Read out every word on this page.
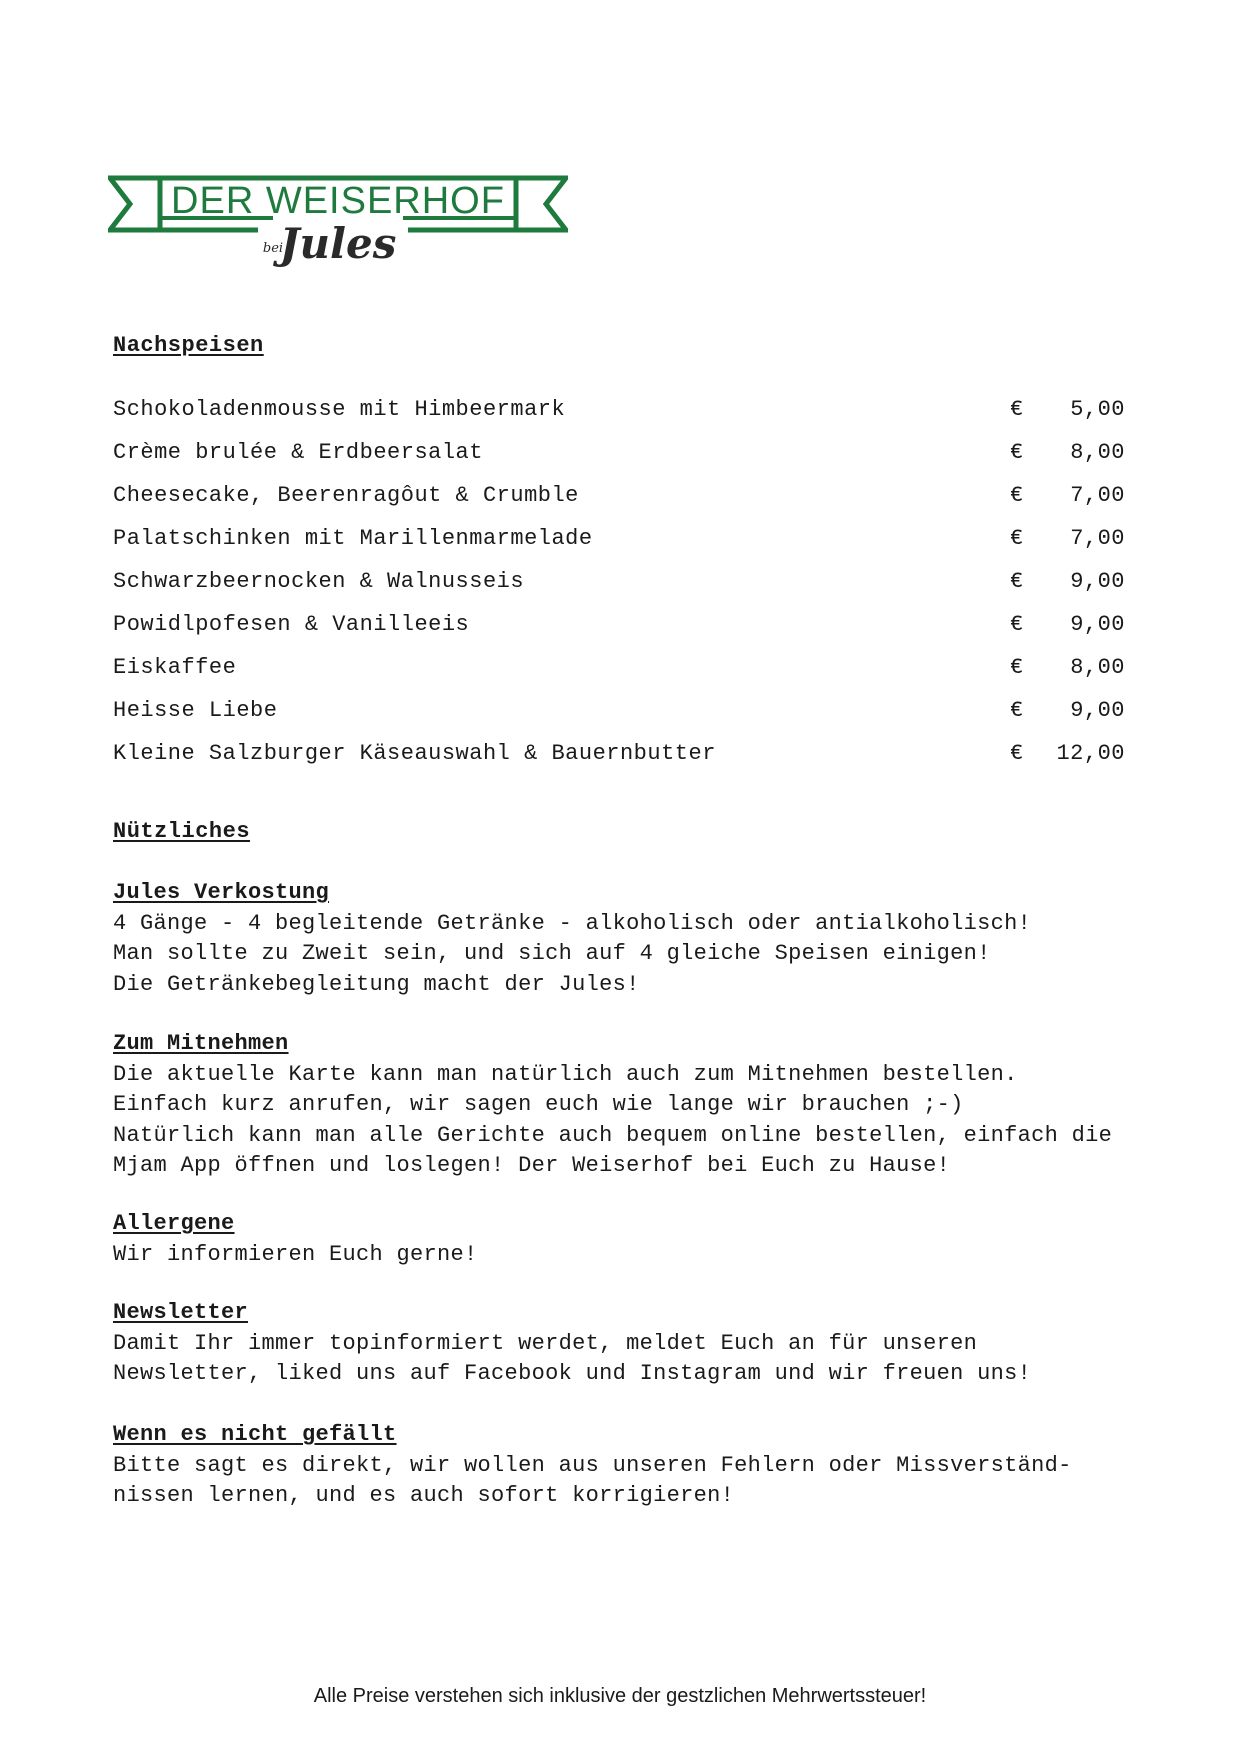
DER WEISERHOF
bei
Jules
Nachspeisen
Schokoladenmousse mit Himbeermark	€ 5,00
Crème brulée & Erdbeersalat	€ 8,00
Cheesecake, Beerenragôut & Crumble	€ 7,00
Palatschinken mit Marillenmarmelade	€ 7,00
Schwarzbeernocken & Walnusseis	€ 9,00
Powidlpofesen & Vanilleeis	€ 9,00
Eiskaffee	€ 8,00
Heisse Liebe	€ 9,00
Kleine Salzburger Käseauswahl & Bauernbutter	€ 12,00
Nützliches
Jules Verkostung
4 Gänge - 4 begleitende Getränke - alkoholisch oder antialkoholisch!
Man sollte zu Zweit sein, und sich auf 4 gleiche Speisen einigen!
Die Getränkebegleitung macht der Jules!
Zum Mitnehmen
Die aktuelle Karte kann man natürlich auch zum Mitnehmen bestellen.
Einfach kurz anrufen, wir sagen euch wie lange wir brauchen ;-)
Natürlich kann man alle Gerichte auch bequem online bestellen, einfach die
Mjam App öffnen und loslegen! Der Weiserhof bei Euch zu Hause!
Allergene
Wir informieren Euch gerne!
Newsletter
Damit Ihr immer topinformiert werdet, meldet Euch an für unseren
Newsletter, liked uns auf Facebook und Instagram und wir freuen uns!
Wenn es nicht gefällt
Bitte sagt es direkt, wir wollen aus unseren Fehlern oder Missverständ-
nissen lernen, und es auch sofort korrigieren!
Alle Preise verstehen sich inklusive der gestzlichen Mehrwertssteuer!
